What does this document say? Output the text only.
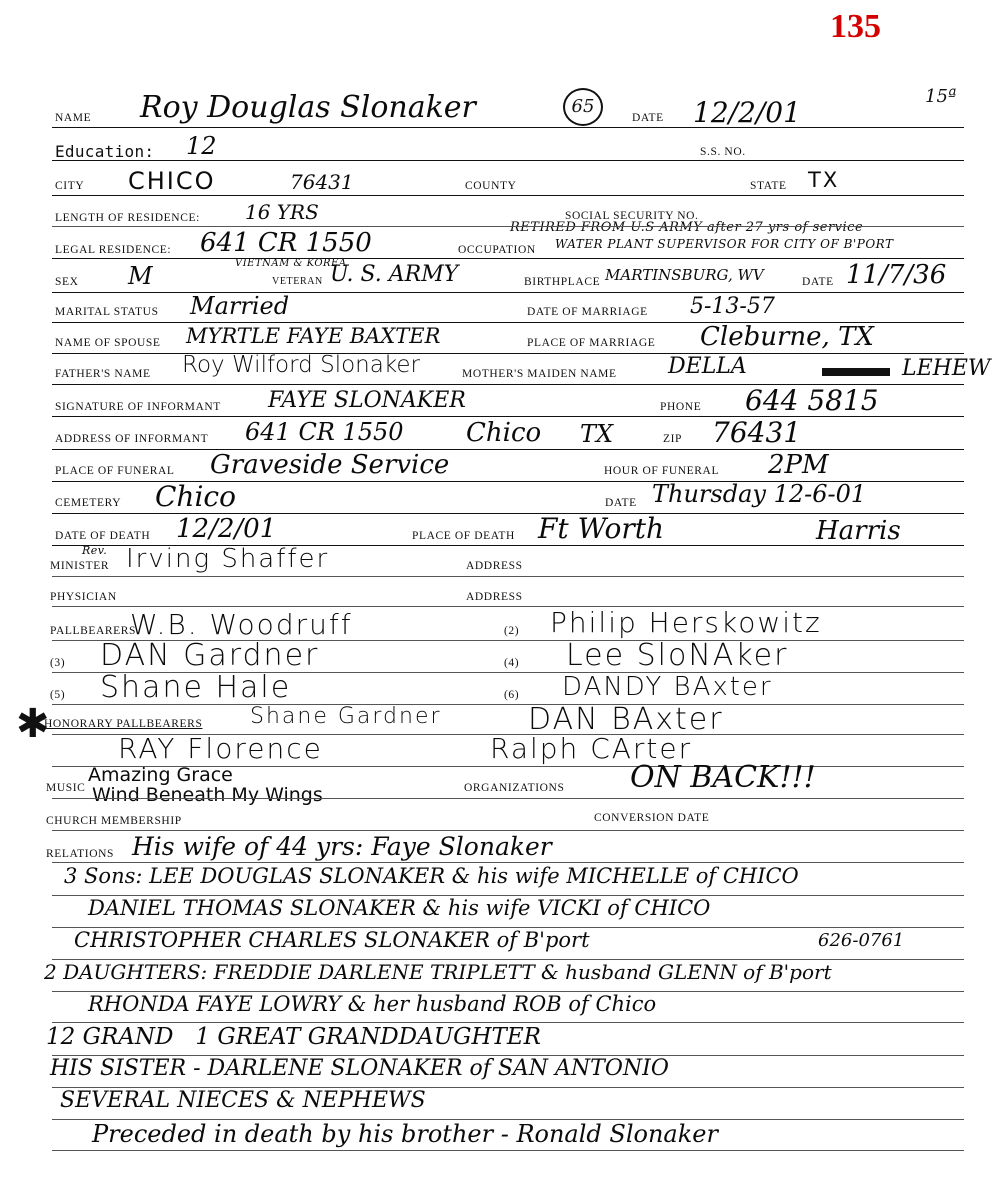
135
15ª
NAME Roy Douglas Slonaker	65
DATE 12/2/01
Education: 12	S.S. NO.
CITY CHICO	76431	COUNTY	STATE TX
LENGTH OF RESIDENCE: 16 YRS	SOCIAL SECURITY NO.
RETIRED FROM U.S ARMY after 27 yrs of service
LEGAL RESIDENCE: 641 CR 1550	OCCUPATION WATER PLANT SUPERVISOR FOR CITY OF B'PORT
SEX M	VIETNAM & KOREA
VETERAN U. S. ARMY	BIRTHPLACE MARTINSBURG, WV	DATE 11/7/36
MARITAL STATUS Married	DATE OF MARRIAGE 5-13-57
NAME OF SPOUSE MYRTLE FAYE BAXTER	PLACE OF MARRIAGE Cleburne, TX
FATHER'S NAME Roy Wilford Slonaker	MOTHER'S MAIDEN NAME DELLA	LEHEW
SIGNATURE OF INFORMANT FAYE SLONAKER	PHONE 644 5815
ADDRESS OF INFORMANT 641 CR 1550 Chico TX	ZIP 76431
PLACE OF FUNERAL Graveside Service	HOUR OF FUNERAL 2PM
CEMETERY Chico	DATE Thursday 12-6-01
DATE OF DEATH 12/2/01	PLACE OF DEATH Ft Worth	Harris
Rev.
MINISTER Irving Shaffer	ADDRESS
PHYSICIAN	ADDRESS
PALLBEARERS
W.B. Woodruff	(2) Philip Herskowitz
(3) DAN Gardner	(4) Lee SloNAker
(5) Shane Hale	(6) DANDY BAxter
✱
HONORARY PALLBEARERS Shane Gardner	DAN BAxter
RAY Florence	Ralph CArter
MUSIC
Amazing Grace
Wind Beneath My Wings	ORGANIZATIONS ON BACK!!!
CHURCH MEMBERSHIP	CONVERSION DATE
RELATIONS His wife of 44 yrs: Faye Slonaker
3 Sons: LEE DOUGLAS SLONAKER & his wife MICHELLE of CHICO
DANIEL THOMAS SLONAKER & his wife VICKI of CHICO
CHRISTOPHER CHARLES SLONAKER of B'port	626-0761
2 DAUGHTERS: FREDDIE DARLENE TRIPLETT & husband GLENN of B'port
RHONDA FAYE LOWRY & her husband ROB of Chico
12 GRAND   1 GREAT GRANDDAUGHTER
HIS SISTER - DARLENE SLONAKER of SAN ANTONIO
SEVERAL NIECES & NEPHEWS
Preceded in death by his brother - Ronald Slonaker
